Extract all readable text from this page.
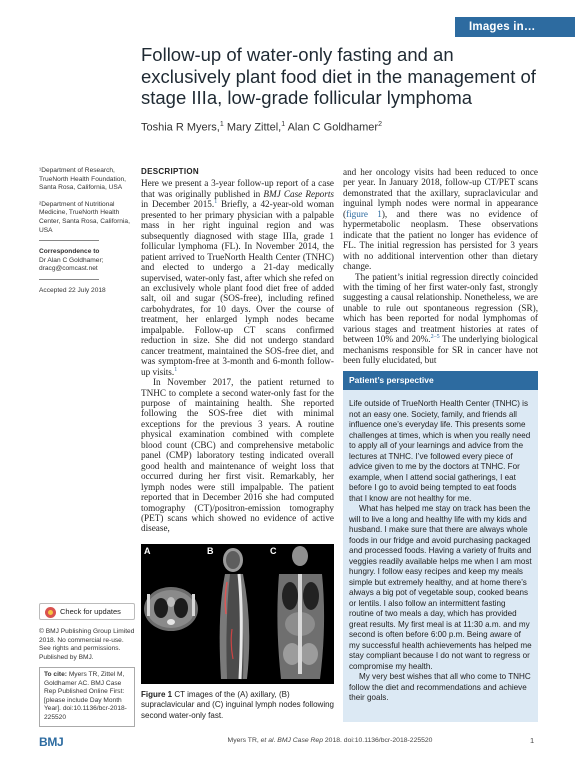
Images in…
Follow-up of water-only fasting and an exclusively plant food diet in the management of stage IIIa, low-grade follicular lymphoma
Toshia R Myers,$^1$ Mary Zittel,$^1$ Alan C Goldhamer$^2$
¹Department of Research, TrueNorth Health Foundation, Santa Rosa, California, USA
²Department of Nutritional Medicine, TrueNorth Health Center, Santa Rosa, California, USA
Correspondence to
Dr Alan C Goldhamer;
dracg@comcast.net
Accepted 22 July 2018
Check for updates
© BMJ Publishing Group Limited 2018. No commercial re-use. See rights and permissions. Published by BMJ.
To cite: Myers TR, Zittel M, Goldhamer AC. BMJ Case Rep Published Online First: [please include Day Month Year]. doi:10.1136/bcr-2018-225520
DESCRIPTION

Here we present a 3-year follow-up report of a case that was originally published in BMJ Case Reports in December 2015.$^1$ Briefly, a 42-year-old woman presented to her primary physician with a palpable mass in her right inguinal region and was subsequently diagnosed with stage IIIa, grade 1 follicular lymphoma (FL). In November 2014, the patient arrived to TrueNorth Health Center (TNHC) and elected to undergo a 21-day medically supervised, water-only fast, after which she refed on an exclusively whole plant food diet free of added salt, oil and sugar (SOS-free), including refined carbohydrates, for 10 days. Over the course of treatment, her enlarged lymph nodes became impalpable. Follow-up CT scans confirmed reduction in size. She did not undergo standard cancer treatment, maintained the SOS-free diet, and was symptom-free at 3-month and 6-month follow-up visits.$^1$

In November 2017, the patient returned to TNHC to complete a second water-only fast for the purpose of maintaining health. She reported following the SOS-free diet with minimal exceptions for the previous 3 years. A routine physical examination combined with complete blood count (CBC) and comprehensive metabolic panel (CMP) laboratory testing indicated overall good health and maintenance of weight loss that occurred during her first visit. Remarkably, her lymph nodes were still impalpable. The patient reported that in December 2016 she had computed tomography (CT)/positron-emission tomography (PET) scans which showed no evidence of active disease,

and her oncology visits had been reduced to once per year. In January 2018, follow-up CT/PET scans demonstrated that the axillary, supraclavicular and inguinal lymph nodes were normal in appearance (figure 1), and there was no evidence of hypermetabolic neoplasm. These observations indicate that the patient no longer has evidence of FL. The initial regression has persisted for 3 years with no additional intervention other than dietary change.

The patient’s initial regression directly coincided with the timing of her first water-only fast, strongly suggesting a causal relationship. Nonetheless, we are unable to rule out spontaneous regression (SR), which has been reported for nodal lymphomas of various stages and treatment histories at rates of between 10% and 20%.$^{2-5}$ The underlying biological mechanisms responsible for SR in cancer have not been fully elucidated, but

Patient’s perspective

Life outside of TrueNorth Health Center (TNHC) is not an easy one. Society, family, and friends all influence one’s everyday life. This presents some challenges at times, which is when you really need to apply all of your learnings and advice from the lectures at TNHC. I’ve followed every piece of advice given to me by the doctors at TNHC. For example, when I attend social gatherings, I eat before I go to avoid being tempted to eat foods that I know are not healthy for me.

What has helped me stay on track has been the will to live a long and healthy life with my kids and husband. I make sure that there are always whole foods in our fridge and avoid purchasing packaged and processed foods. Having a variety of fruits and veggies readily available helps me when I am most hungry. I follow easy recipes and keep my meals simple but extremely healthy, and at home there’s always a big pot of vegetable soup, cooked beans or lentils. I also follow an intermittent fasting routine of two meals a day, which has provided great results. My first meal is at 11:30 a.m. and my second is often before 6:00 p.m. Being aware of my successful health achievements has helped me stay compliant because I do not want to regress or compromise my health.

My very best wishes that all who come to TNHC follow the diet and recommendations and achieve their goals.

A	B	C
Figure 1 CT images of the (A) axillary, (B) supraclavicular and (C) inguinal lymph nodes following second water-only fast.
BMJ	Myers TR, et al. BMJ Case Rep 2018. doi:10.1136/bcr-2018-225520	1
